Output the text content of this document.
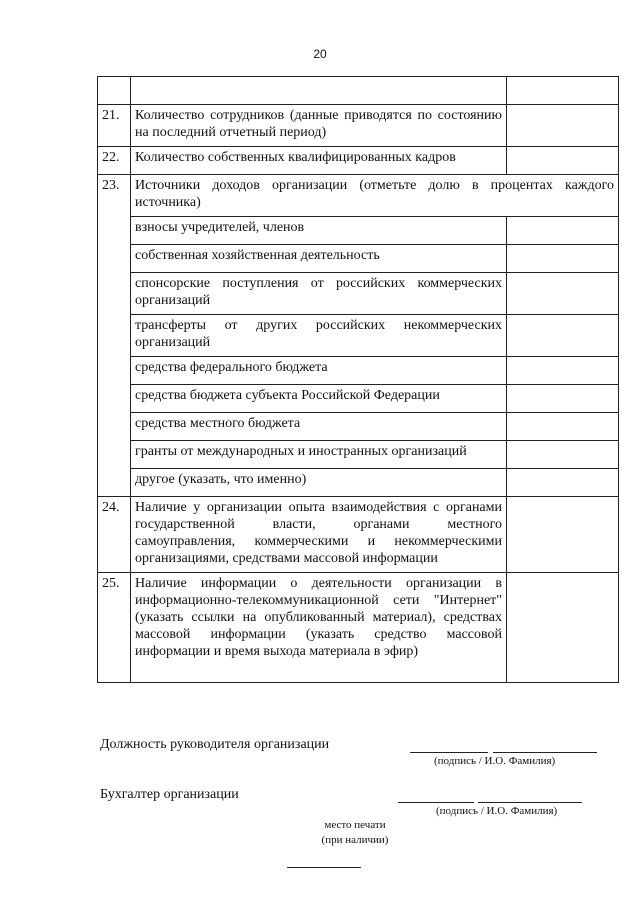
20

21.	Количество сотрудников (данные приводятся по состоянию на последний отчетный период)	
22.	Количество собственных квалифицированных кадров	
23.	Источники доходов организации (отметьте долю в процентах каждого источника)	
	взносы учредителей, членов	
	собственная хозяйственная деятельность	
	спонсорские поступления от российских коммерческих организаций	
	трансферты от других российских некоммерческих организаций	
	средства федерального бюджета	
	средства бюджета субъекта Российской Федерации	
	средства местного бюджета	
	гранты от международных и иностранных организаций	
	другое (указать, что именно)	
24.	Наличие у организации опыта взаимодействия с органами государственной власти, органами местного самоуправления, коммерческими и некоммерческими организациями, средствами массовой информации	
25.	Наличие информации о деятельности организации в информационно-телекоммуникационной сети "Интернет" (указать ссылки на опубликованный материал), средствах массовой информации (указать средство массовой информации и время выхода материала в эфир)	
Должность руководителя организации
(подпись / И.О. Фамилия)
Бухгалтер организации
(подпись / И.О. Фамилия)
место печати
(при наличии)
